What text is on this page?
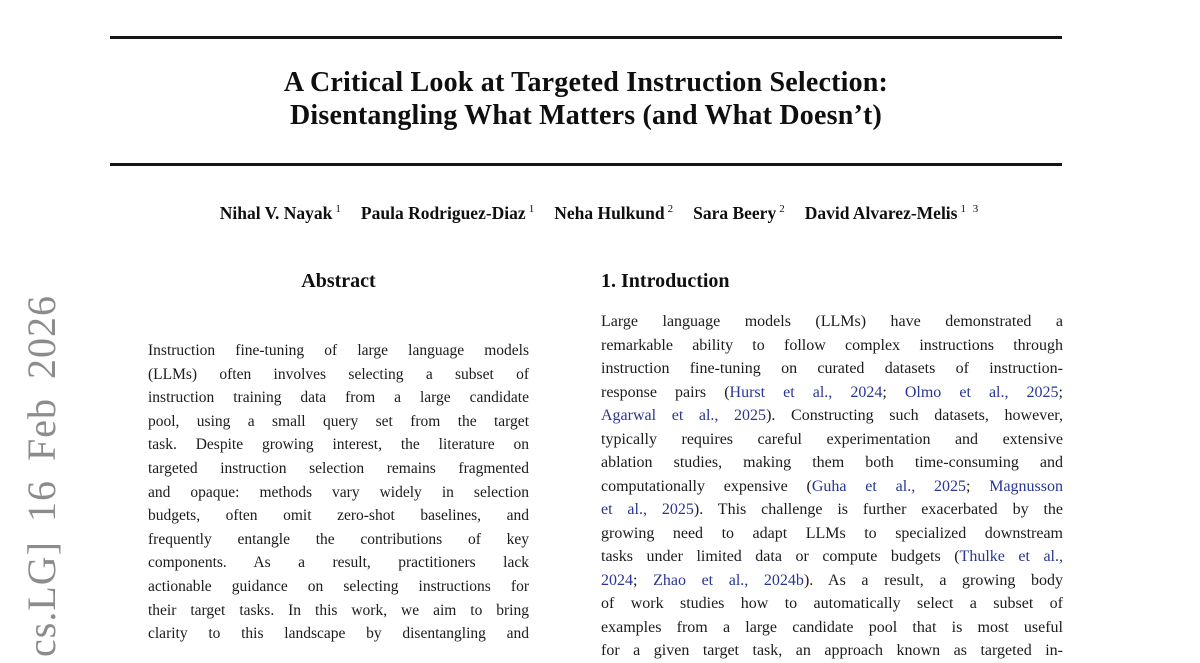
cs.LG] 16 Feb 2026
A Critical Look at Targeted Instruction Selection:
Disentangling What Matters (and What Doesn’t)
Nihal V. Nayak $^1$ Paula Rodriguez-Diaz $^1$ Neha Hulkund $^2$ Sara Beery $^2$ David Alvarez-Melis $^{1 3}$
Abstract
Instruction fine-tuning of large language models
(LLMs) often involves selecting a subset of
instruction training data from a large candidate
pool, using a small query set from the target
task. Despite growing interest, the literature on
targeted instruction selection remains fragmented
and opaque: methods vary widely in selection
budgets, often omit zero-shot baselines, and
frequently entangle the contributions of key
components. As a result, practitioners lack
actionable guidance on selecting instructions for
their target tasks. In this work, we aim to bring
clarity to this landscape by disentangling and
1. Introduction
Large language models (LLMs) have demonstrated a
remarkable ability to follow complex instructions through
instruction fine-tuning on curated datasets of instruction-
response pairs (Hurst et al., 2024; Olmo et al., 2025;
Agarwal et al., 2025). Constructing such datasets, however,
typically requires careful experimentation and extensive
ablation studies, making them both time-consuming and
computationally expensive (Guha et al., 2025; Magnusson
et al., 2025). This challenge is further exacerbated by the
growing need to adapt LLMs to specialized downstream
tasks under limited data or compute budgets (Thulke et al.,
2024; Zhao et al., 2024b). As a result, a growing body
of work studies how to automatically select a subset of
examples from a large candidate pool that is most useful
for a given target task, an approach known as targeted in-
